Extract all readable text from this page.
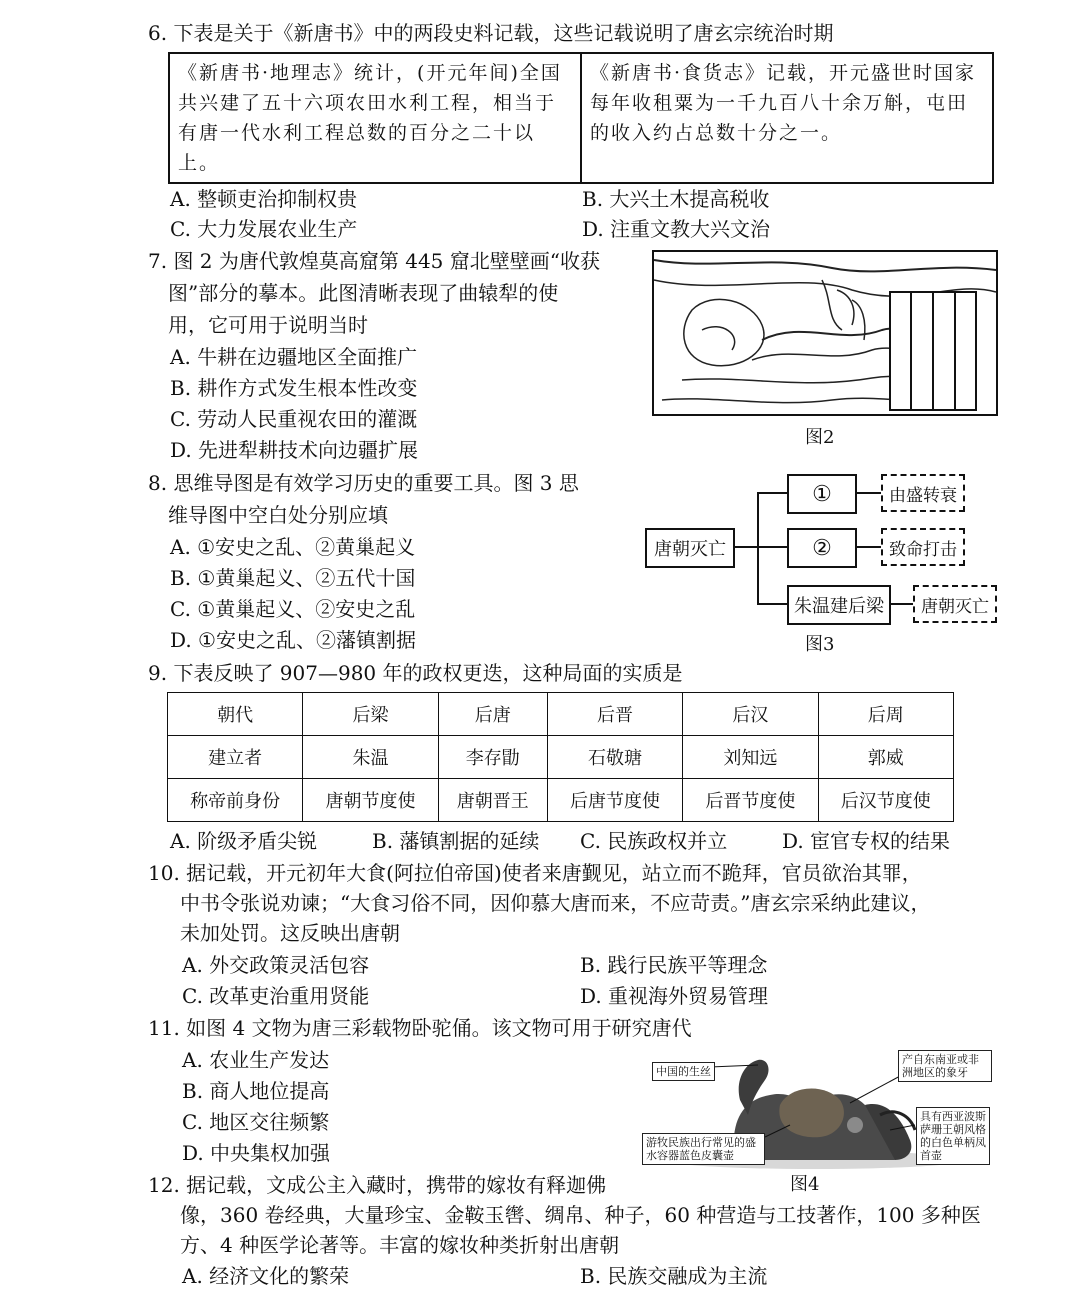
6. 下表是关于《新唐书》中的两段史料记载，这些记载说明了唐玄宗统治时期
《新唐书·地理志》统计，(开元年间)全国共兴建了五十六项农田水利工程，相当于有唐一代水利工程总数的百分之二十以上。	《新唐书·食货志》记载，开元盛世时国家每年收租粟为一千九百八十余万斛，屯田的收入约占总数十分之一。
A. 整顿吏治抑制权贵	B. 大兴土木提高税收
C. 大力发展农业生产	D. 注重文教大兴文治
7. 图 2 为唐代敦煌莫高窟第 445 窟北壁壁画“收获
图”部分的摹本。此图清晰表现了曲辕犁的使
用，它可用于说明当时
A. 牛耕在边疆地区全面推广
B. 耕作方式发生根本性改变
C. 劳动人民重视农田的灌溉
D. 先进犁耕技术向边疆扩展
图2
8. 思维导图是有效学习历史的重要工具。图 3 思
维导图中空白处分别应填
A. ①安史之乱、②黄巢起义
B. ①黄巢起义、②五代十国
C. ①黄巢起义、②安史之乱
D. ①安史之乱、②藩镇割据
唐朝灭亡
①	由盛转衰
②	致命打击
朱温建后梁	唐朝灭亡
图3
9. 下表反映了 907—980 年的政权更迭，这种局面的实质是
朝代	后梁	后唐	后晋	后汉	后周
建立者	朱温	李存勖	石敬瑭	刘知远	郭威
称帝前身份	唐朝节度使	唐朝晋王	后唐节度使	后晋节度使	后汉节度使
A. 阶级矛盾尖锐	B. 藩镇割据的延续 C. 民族政权并立	D. 宦官专权的结果
10. 据记载，开元初年大食(阿拉伯帝国)使者来唐觐见，站立而不跪拜，官员欲治其罪，
中书令张说劝谏；“大食习俗不同，因仰慕大唐而来，不应苛责。”唐玄宗采纳此建议，
未加处罚。这反映出唐朝
A. 外交政策灵活包容	B. 践行民族平等理念
C. 改革吏治重用贤能	D. 重视海外贸易管理
11. 如图 4 文物为唐三彩载物卧驼俑。该文物可用于研究唐代
A. 农业生产发达
B. 商人地位提高
C. 地区交往频繁
D. 中央集权加强
中国的生丝
产自东南亚或非洲地区的象牙
游牧民族出行常见的盛水容器蓝色皮囊壶
具有西亚波斯萨珊王朝风格的白色单柄凤首壶
图4
12. 据记载，文成公主入藏时，携带的嫁妆有释迦佛
像，360 卷经典，大量珍宝、金鞍玉辔、绸帛、种子，60 种营造与工技著作，100 多种医
方、4 种医学论著等。丰富的嫁妆种类折射出唐朝
A. 经济文化的繁荣	B. 民族交融成为主流
